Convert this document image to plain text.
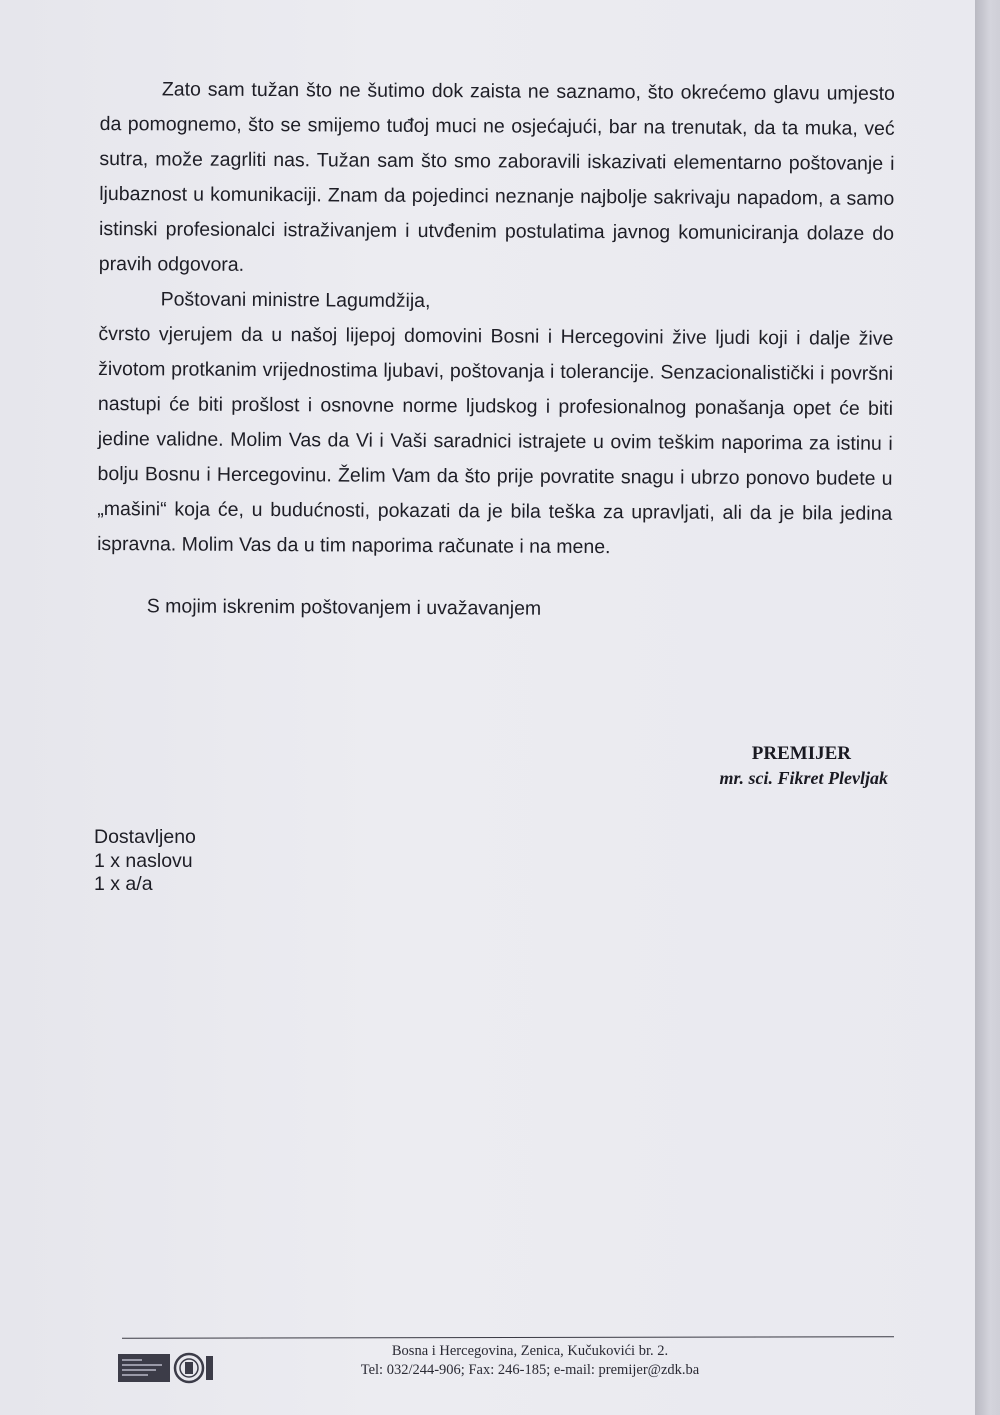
Zato sam tužan što ne šutimo dok zaista ne saznamo, što okrećemo glavu umjesto da pomognemo, što se smijemo tuđoj muci ne osjećajući, bar na trenutak, da ta muka, već sutra, može zagrliti nas. Tužan sam što smo zaboravili iskazivati elementarno poštovanje i ljubaznost u komunikaciji. Znam da pojedinci neznanje najbolje sakrivaju napadom, a samo istinski profesionalci istraživanjem i utvđenim postulatima javnog komuniciranja dolaze do pravih odgovora.

Poštovani ministre Lagumdžija,

čvrsto vjerujem da u našoj lijepoj domovini Bosni i Hercegovini žive ljudi koji i dalje žive životom protkanim vrijednostima ljubavi, poštovanja i tolerancije. Senzacionalistički i površni nastupi će biti prošlost i osnovne norme ljudskog i profesionalnog ponašanja opet će biti jedine validne. Molim Vas da Vi i Vaši saradnici istrajete u ovim teškim naporima za istinu i bolju Bosnu i Hercegovinu. Želim Vam da što prije povratite snagu i ubrzo ponovo budete u „mašini“ koja će, u budućnosti, pokazati da je bila teška za upravljati, ali da je bila jedina ispravna. Molim Vas da u tim naporima računate i na mene.

S mojim iskrenim poštovanjem i uvažavanjem

PREMIJER
mr. sci. Fikret Plevljak
Dostavljeno
1 x naslovu
1 x a/a
Bosna i Hercegovina, Zenica, Kučukovići br. 2.
Tel: 032/244-906; Fax: 246-185; e-mail: premijer@zdk.ba
